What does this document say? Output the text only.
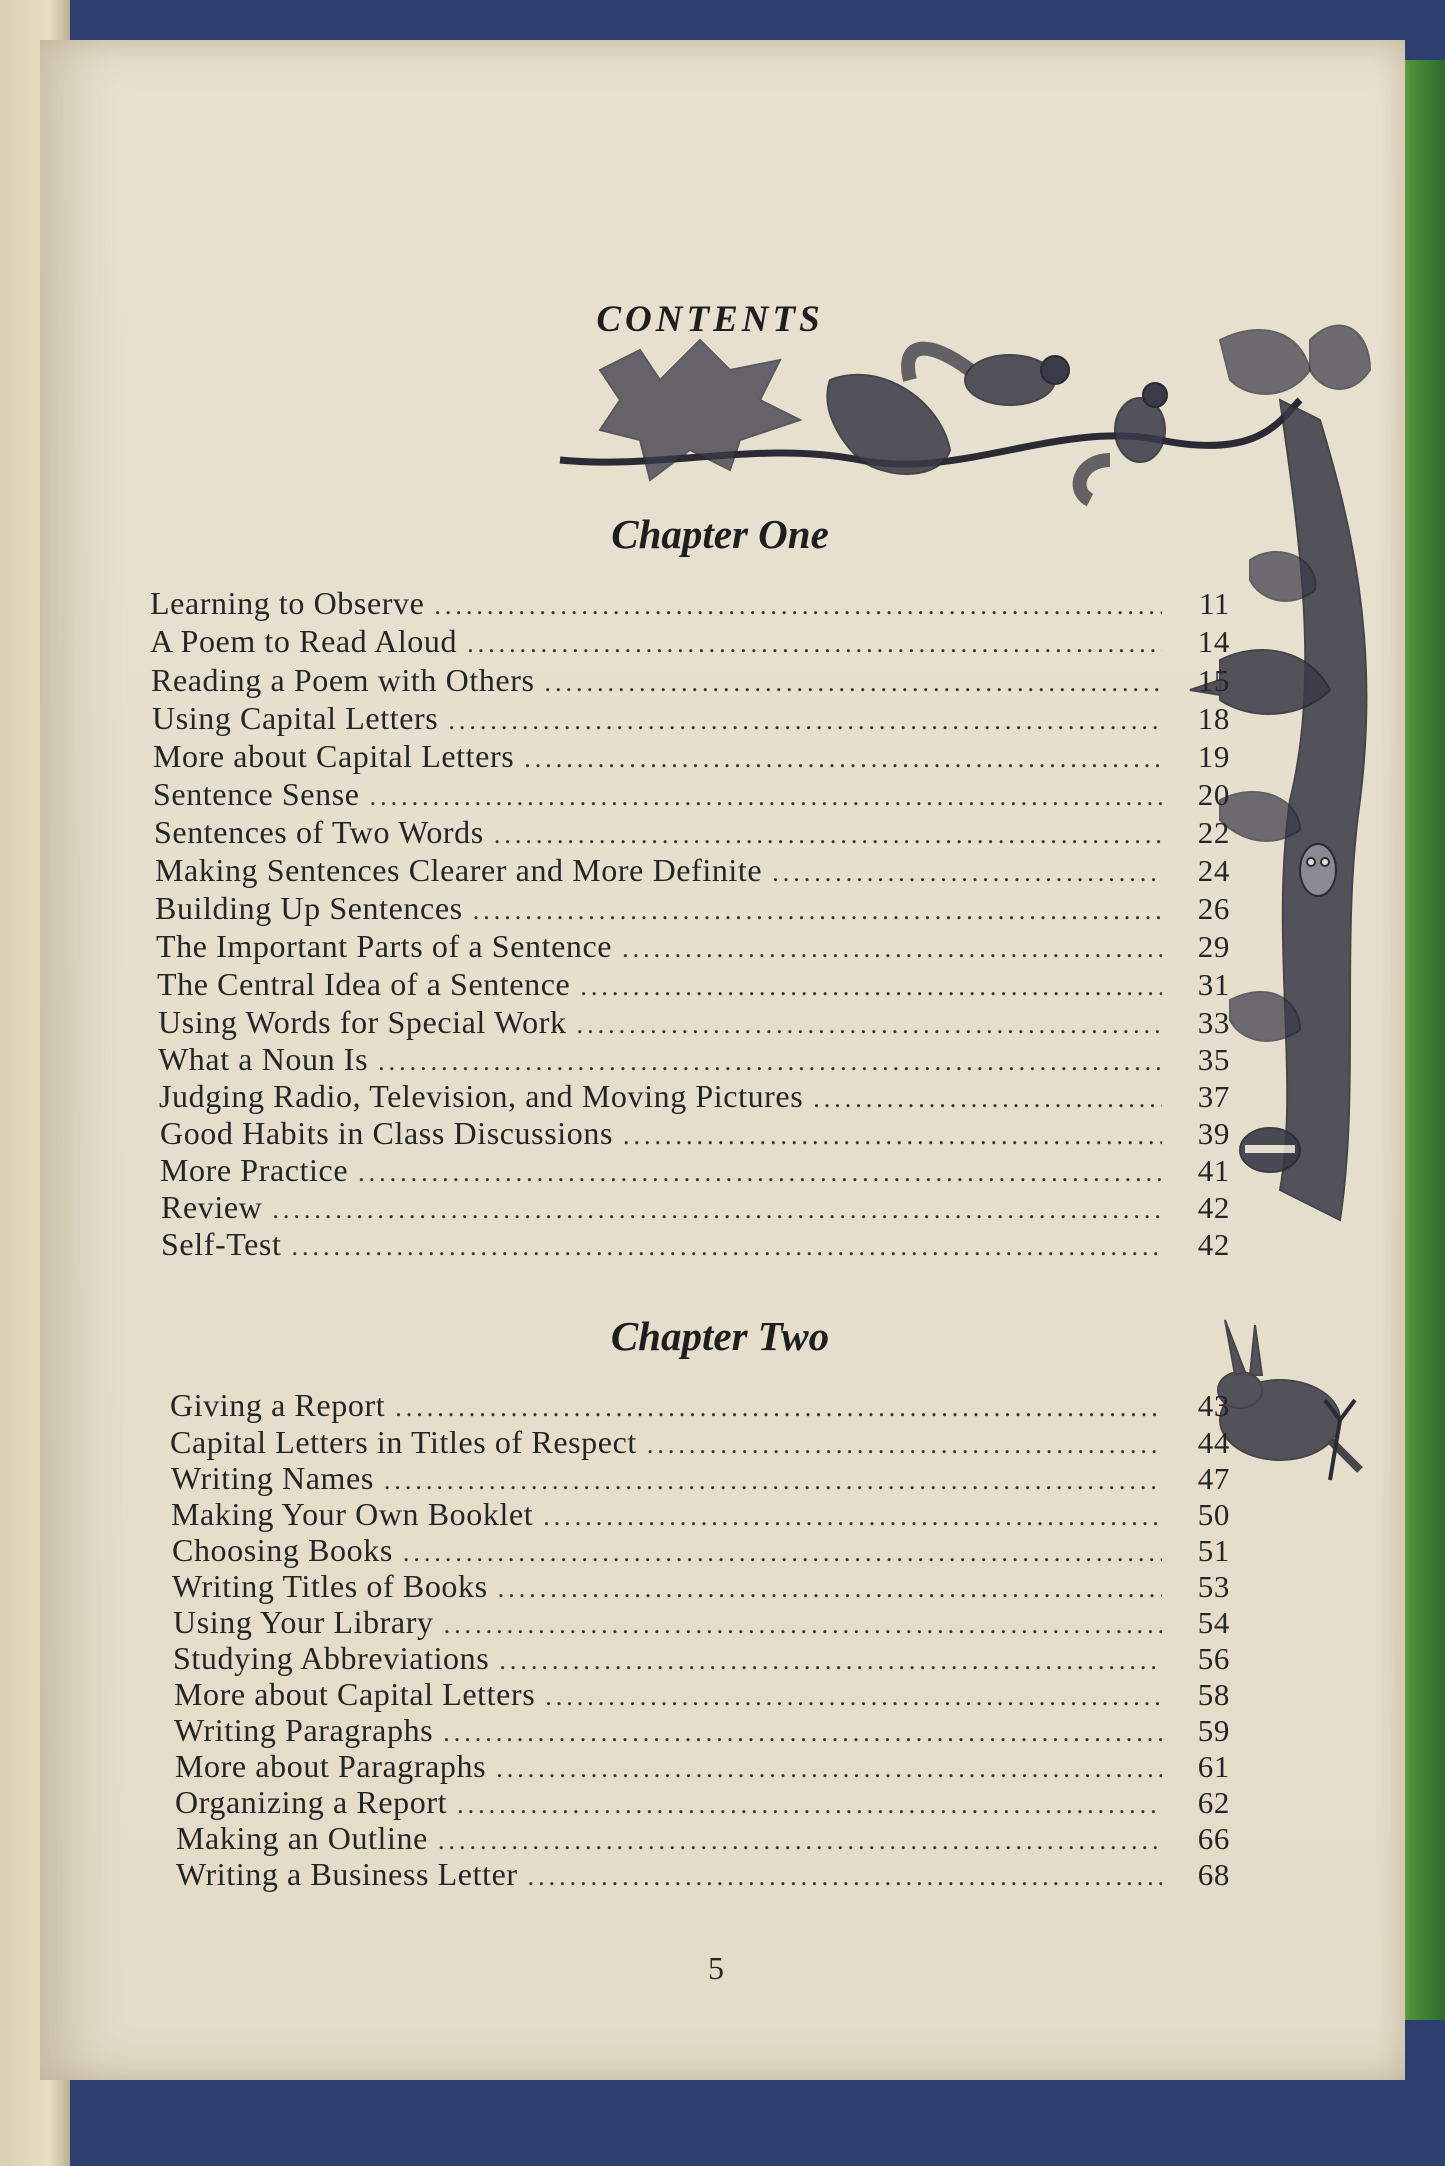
CONTENTS
Chapter One
Learning to Observe .....	11
A Poem to Read Aloud .....	14
Reading a Poem with Others .....	15
Using Capital Letters .....	18
More about Capital Letters .....	19
Sentence Sense .....	20
Sentences of Two Words .....	22
Making Sentences Clearer and More Definite .....	24
Building Up Sentences .....	26
The Important Parts of a Sentence .....	29
The Central Idea of a Sentence .....	31
Using Words for Special Work .....	33
What a Noun Is .....	35
Judging Radio, Television, and Moving Pictures .....	37
Good Habits in Class Discussions .....	39
More Practice .....	41
Review .....	42
Self-Test .....	42
Chapter Two
Giving a Report .....	43
Capital Letters in Titles of Respect .....	44
Writing Names .....	47
Making Your Own Booklet .....	50
Choosing Books .....	51
Writing Titles of Books .....	53
Using Your Library .....	54
Studying Abbreviations .....	56
More about Capital Letters .....	58
Writing Paragraphs .....	59
More about Paragraphs .....	61
Organizing a Report .....	62
Making an Outline .....	66
Writing a Business Letter .....	68
5
